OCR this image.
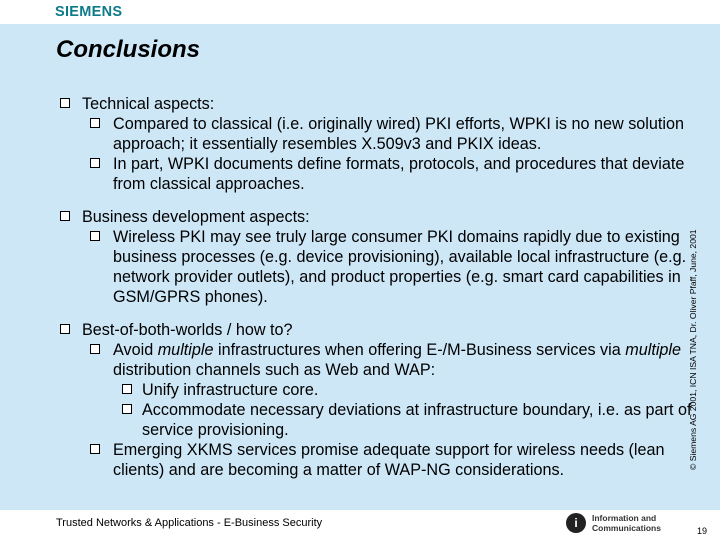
SIEMENS
Conclusions
Technical aspects:
Compared to classical (i.e. originally wired) PKI efforts, WPKI is no new solution approach; it essentially resembles X.509v3 and PKIX ideas.
In part, WPKI documents define formats, protocols, and procedures that deviate from classical approaches.
Business development aspects:
Wireless PKI may see truly large consumer PKI domains rapidly due to existing business processes (e.g. device provisioning), available local infrastructure (e.g. network provider outlets), and product properties (e.g. smart card capabilities in GSM/GPRS phones).
Best-of-both-worlds / how to?
Avoid multiple infrastructures when offering E-/M-Business services via multiple distribution channels such as Web and WAP:
Unify infrastructure core.
Accommodate necessary deviations at infrastructure boundary, i.e. as part of service provisioning.
Emerging XKMS services promise adequate support for wireless needs (lean clients) and are becoming a matter of WAP-NG considerations.	© Siemens AG 2001, ICN ISA TNA, Dr. Oliver Pfaff, June, 2001
Trusted Networks & Applications - E-Business Security	i	Information and
Communications	19
